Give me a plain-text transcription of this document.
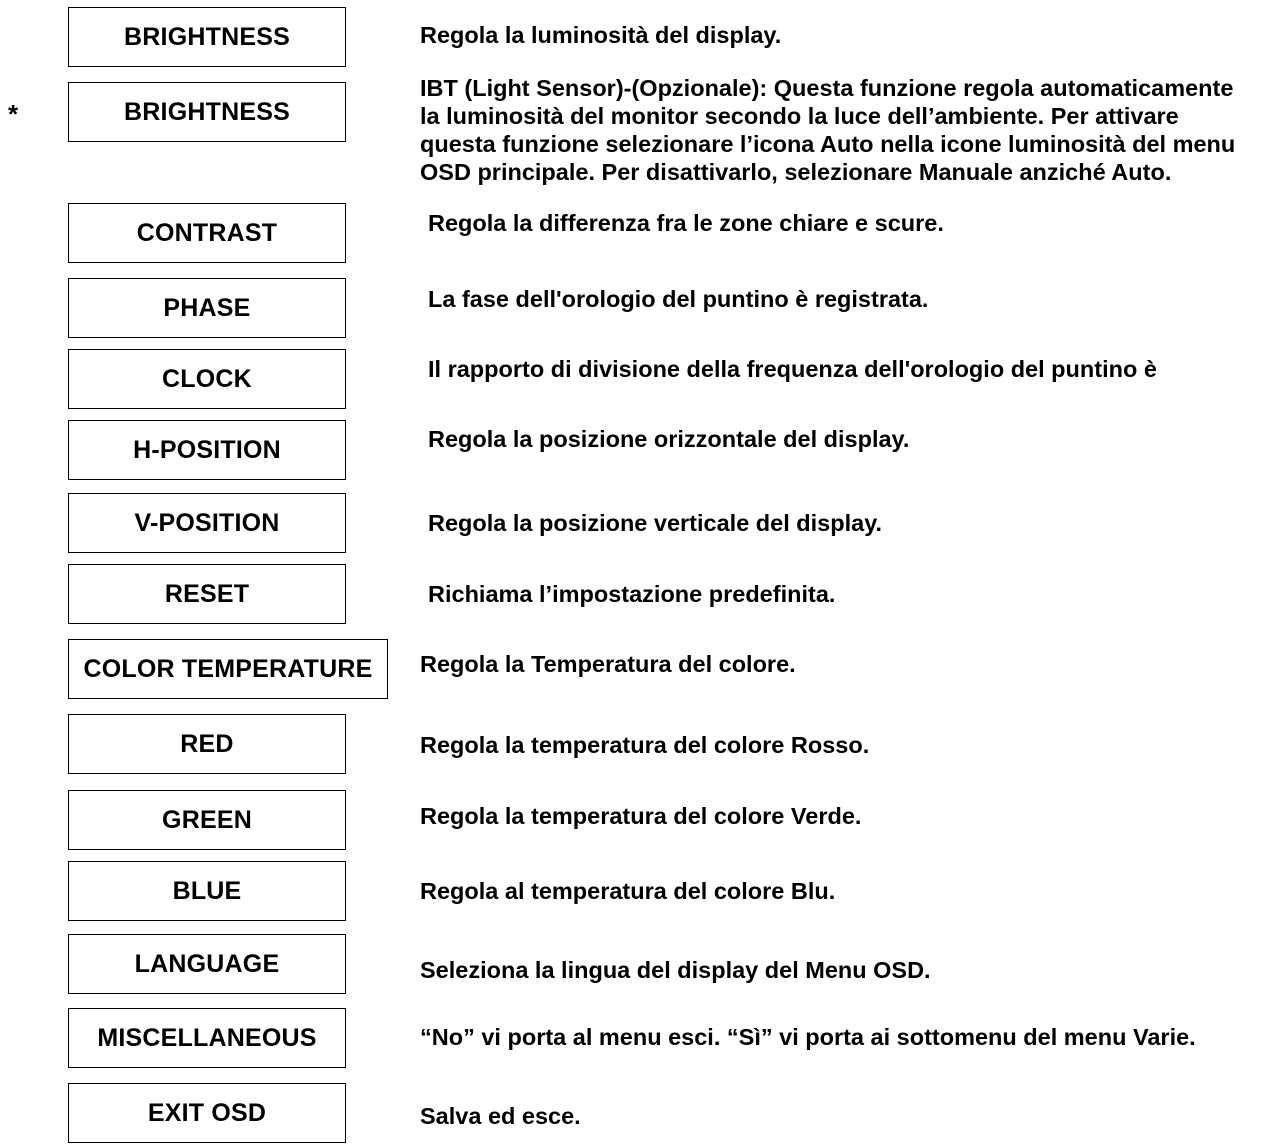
BRIGHTNESS	Regola la luminosità del display.
*	BRIGHTNESS
IBT (Light Sensor)-(Opzionale): Questa funzione regola automaticamente
la luminosità del monitor secondo la luce dell’ambiente. Per attivare
questa funzione selezionare l’icona Auto nella icone luminosità del menu
OSD principale. Per disattivarlo, selezionare Manuale anziché Auto.
CONTRAST	Regola la differenza fra le zone chiare e scure.
PHASE	La fase dell'orologio del puntino è registrata.
CLOCK	Il rapporto di divisione della frequenza dell'orologio del puntino è
H-POSITION	Regola la posizione orizzontale del display.
V-POSITION	Regola la posizione verticale del display.
RESET	Richiama l’impostazione predefinita.
COLOR TEMPERATURE	Regola la Temperatura del colore.
RED	Regola la temperatura del colore Rosso.
GREEN	Regola la temperatura del colore Verde.
BLUE	Regola al temperatura del colore Blu.
LANGUAGE	Seleziona la lingua del display del Menu OSD.
MISCELLANEOUS	“No” vi porta al menu esci. “Sì” vi porta ai sottomenu del menu Varie.
EXIT OSD	Salva ed esce.
